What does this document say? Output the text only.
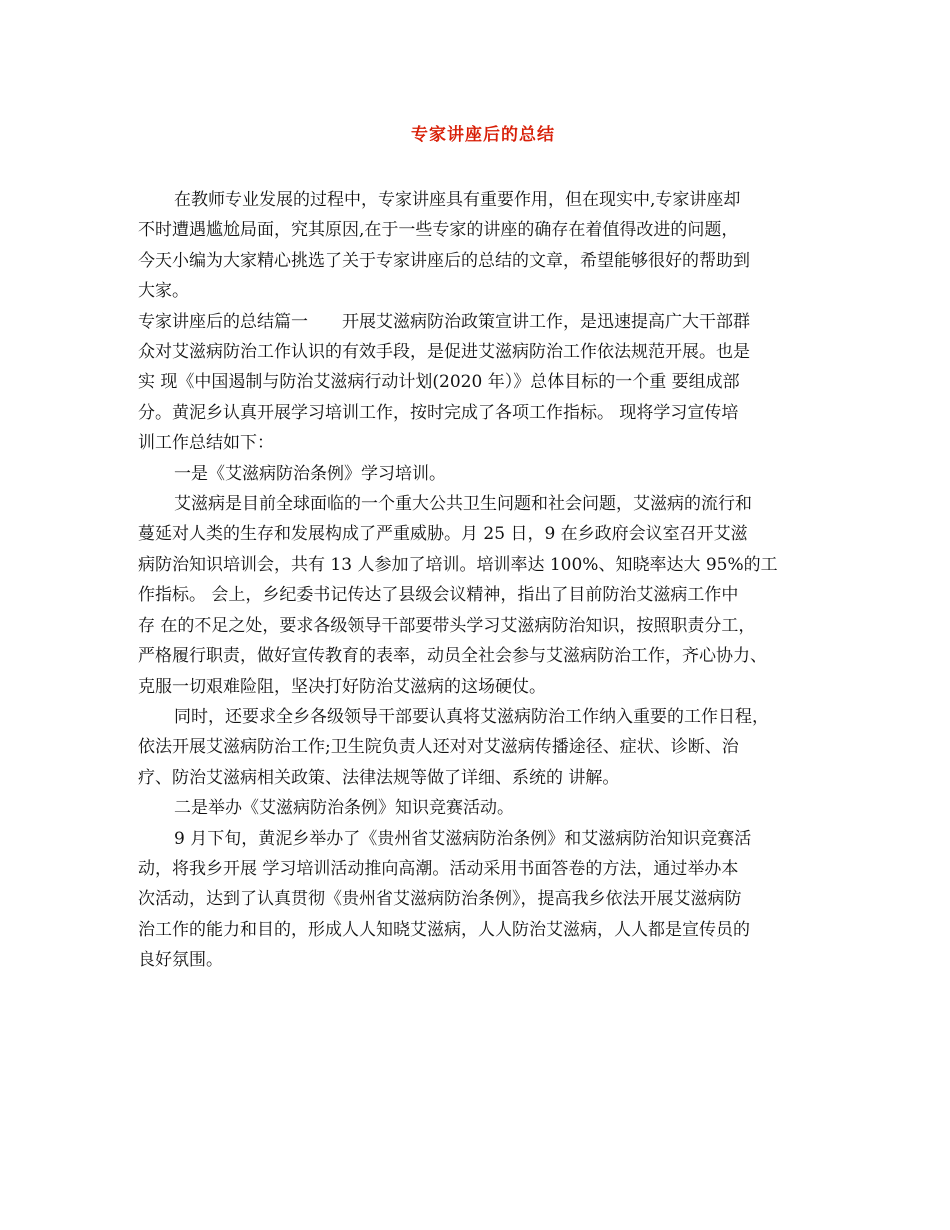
专家讲座后的总结
在教师专业发展的过程中，专家讲座具有重要作用，但在现实中,专家讲座却
不时遭遇尴尬局面，究其原因,在于一些专家的讲座的确存在着值得改进的问题，
今天小编为大家精心挑选了关于专家讲座后的总结的文章，希望能够很好的帮助到
大家。
专家讲座后的总结篇一　　开展艾滋病防治政策宣讲工作，是迅速提高广大干部群
众对艾滋病防治工作认识的有效手段，是促进艾滋病防治工作依法规范开展。也是
实 现《中国遏制与防治艾滋病行动计划(2020 年）》总体目标的一个重 要组成部
分。黄泥乡认真开展学习培训工作，按时完成了各项工作指标。 现将学习宣传培
训工作总结如下：
一是《艾滋病防治条例》学习培训。
艾滋病是目前全球面临的一个重大公共卫生问题和社会问题，艾滋病的流行和
蔓延对人类的生存和发展构成了严重威胁。月 25 日，9 在乡政府会议室召开艾滋
病防治知识培训会，共有 13 人参加了培训。培训率达 100%、知晓率达大 95%的工
作指标。 会上，乡纪委书记传达了县级会议精神，指出了目前防治艾滋病工作中
存 在的不足之处，要求各级领导干部要带头学习艾滋病防治知识，按照职责分工，
严格履行职责，做好宣传教育的表率，动员全社会参与艾滋病防治工作，齐心协力、
克服一切艰难险阻，坚决打好防治艾滋病的这场硬仗。
同时，还要求全乡各级领导干部要认真将艾滋病防治工作纳入重要的工作日程，
依法开展艾滋病防治工作;卫生院负责人还对对艾滋病传播途径、症状、诊断、治
疗、防治艾滋病相关政策、法律法规等做了详细、系统的 讲解。
二是举办《艾滋病防治条例》知识竞赛活动。
9 月下旬，黄泥乡举办了《贵州省艾滋病防治条例》和艾滋病防治知识竞赛活
动，将我乡开展 学习培训活动推向高潮。活动采用书面答卷的方法，通过举办本
次活动，达到了认真贯彻《贵州省艾滋病防治条例》，提高我乡依法开展艾滋病防
治工作的能力和目的，形成人人知晓艾滋病，人人防治艾滋病，人人都是宣传员的
良好氛围。
